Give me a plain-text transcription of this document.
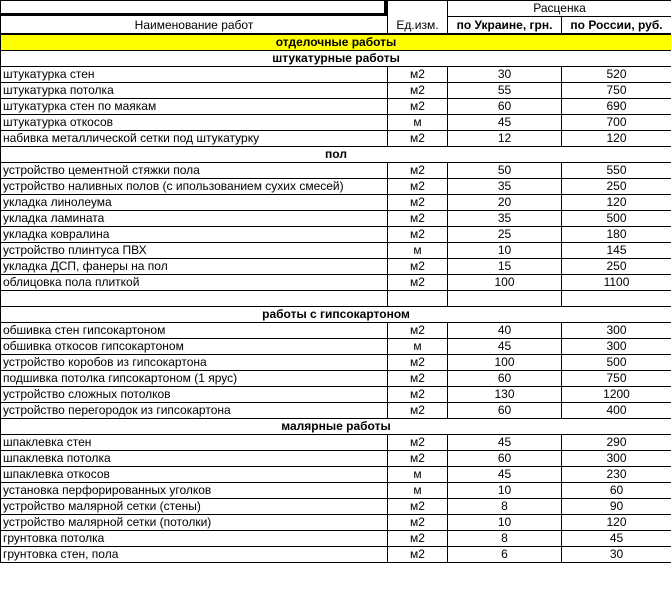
Наименование работ	Ед.изм.	Расценка	
		по Украине, грн.	по России, руб.
отделочные работы			
штукатурные работы			
штукатурка стен	м2	30	520
штукатурка потолка	м2	55	750
штукатурка стен по маякам	м2	60	690
штукатурка откосов	м	45	700
набивка металлической сетки под штукатурку	м2	12	120
пол			
устройство цементной стяжки пола	м2	50	550
устройство наливных полов (с ипользованием сухих смесей)	м2	35	250
укладка линолеума	м2	20	120
укладка ламината	м2	35	500
укладка ковралина	м2	25	180
устройство плинтуса ПВХ	м	10	145
укладка ДСП, фанеры на пол	м2	15	250
облицовка пола плиткой	м2	100	1100

работы с гипсокартоном			
обшивка стен гипсокартоном	м2	40	300
обшивка откосов гипсокартоном	м	45	300
устройство коробов из гипсокартона	м2	100	500
подшивка потолка гипсокартоном (1 ярус)	м2	60	750
устройство сложных потолков	м2	130	1200
устройство перегородок из гипсокартона	м2	60	400
малярные работы			
шпаклевка стен	м2	45	290
шпаклевка потолка	м2	60	300
шпаклевка откосов	м	45	230
установка перфорированных уголков	м	10	60
устройство малярной сетки (стены)	м2	8	90
устройство малярной сетки (потолки)	м2	10	120
грунтовка потолка	м2	8	45
грунтовка стен, пола	м2	6	30
